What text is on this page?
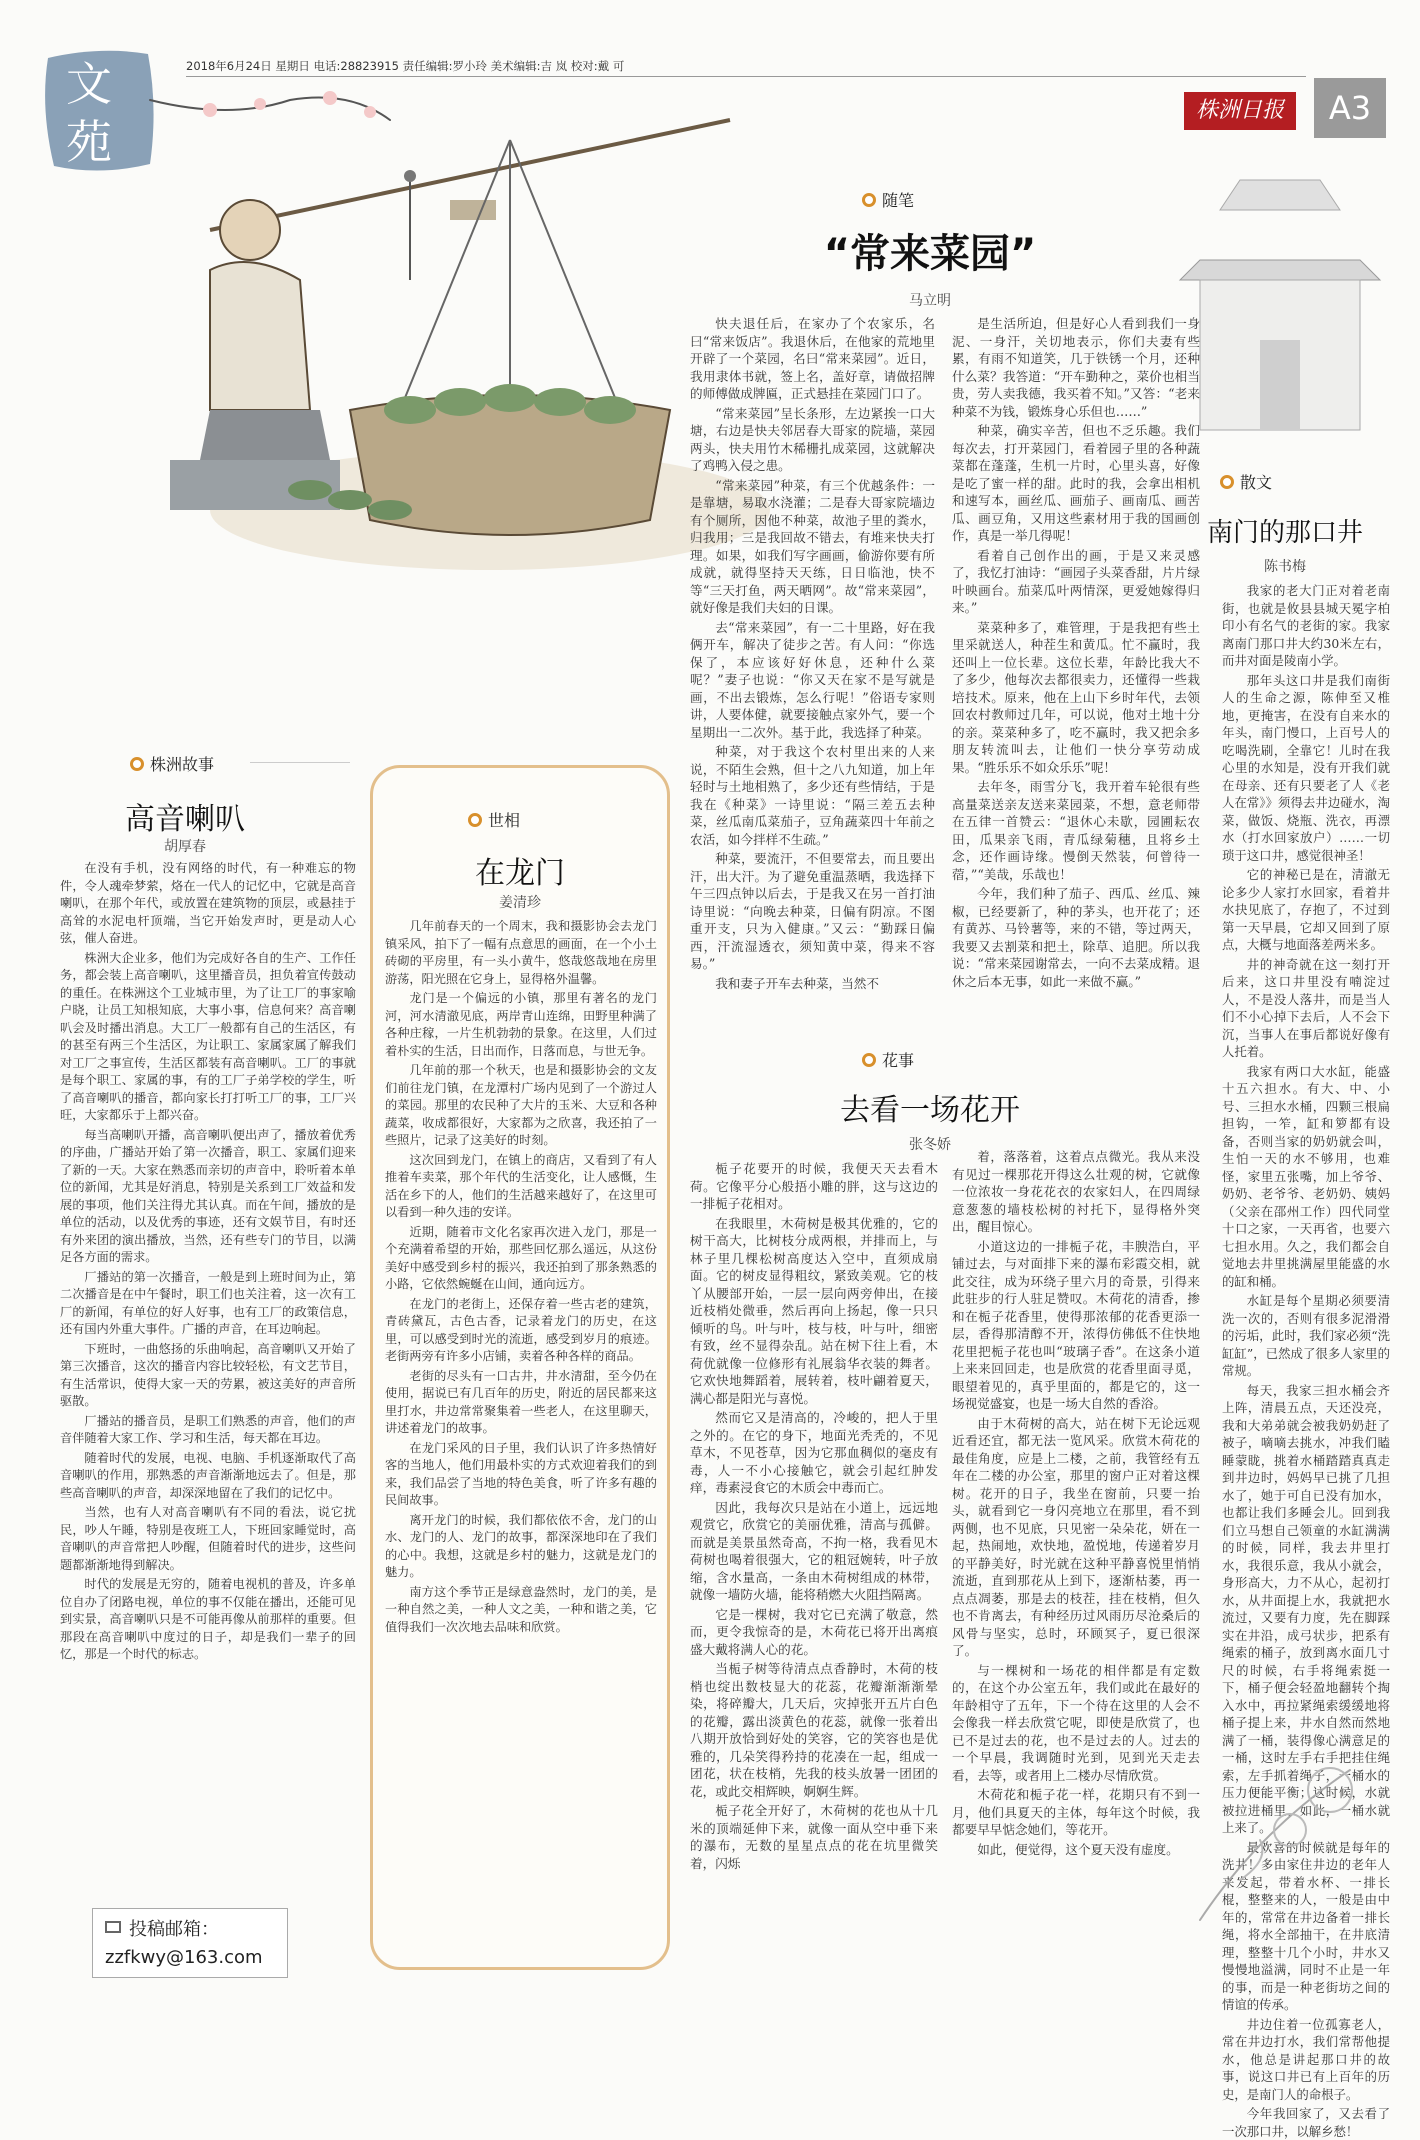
文
苑
2018年6月24日 星期日 电话:28823915 责任编辑:罗小玲 美术编辑:吉 岚 校对:戴 可
株洲日报	A3
随笔
“常来菜园”
马立明

快夫退任后，在家办了个农家乐，名曰“常来饭店”。我退休后，在他家的荒地里开辟了一个菜园，名曰“常来菜园”。近日，我用隶体书就，签上名，盖好章，请做招牌的师傅做成牌匾，正式悬挂在菜园门口了。

“常来菜园”呈长条形，左边紧挨一口大塘，右边是快夫邻居春大哥家的院墙，菜园两头，快夫用竹木稀栅扎成菜园，这就解决了鸡鸭入侵之患。

“常来菜园”种菜，有三个优越条件：一是靠塘，易取水浇灌；二是春大哥家院墙边有个厕所，因他不种菜，故池子里的粪水，归我用；三是我回故不错去，有堆来快夫打理。如果，如我们写字画画，偷游你要有所成就，就得坚持天天练，日日临池，快不等“三天打鱼，两天晒网”。故“常来菜园”，就好像是我们夫妇的日课。

去“常来菜园”，有一二十里路，好在我俩开车，解决了徒步之苦。有人问：“你选保了，本应该好好休息，还种什么菜呢？”妻子也说：“你又天在家不是写就是画，不出去锻炼，怎么行呢！”俗语专家则讲，人要体健，就要接触点家外气，要一个星期出一二次外。基于此，我选择了种菜。

种菜，对于我这个农村里出来的人来说，不陌生会熟，但十之八九知道，加上年轻时与土地相熟了，多少还有些情结，于是我在《种菜》一诗里说：“隔三差五去种菜，丝瓜南瓜菜茄子，豆角蔬菜四十年前之农活，如今拌样不生疏。”

种菜，要流汗，不但要常去，而且要出汗，出大汗。为了避免重温蒸晒，我选择下午三四点钟以后去，于是我又在另一首打油诗里说：“向晚去种菜，日偏有阴凉。不图重开支，只为入健康。”又云：“勤踩日偏西，汗流湿透衣，须知黄中菜，得来不容易。”

我和妻子开车去种菜，当然不

是生活所迫，但是好心人看到我们一身泥、一身汗，关切地表示，你们夫妻有些累，有雨不知道笑，几于铁锈一个月，还种什么菜？我答道：“开车勤种之，菜价也相当贵，劳人卖我德，我买着不知。”又答：“老来种菜不为钱，锻炼身心乐但也……”

种菜，确实辛苦，但也不乏乐趣。我们每次去，打开菜园门，看着园子里的各种蔬菜都在蓬蓬，生机一片时，心里头喜，好像是吃了蜜一样的甜。此时的我，会拿出相机和速写本，画丝瓜、画茄子、画南瓜、画苦瓜、画豆角，又用这些素材用于我的国画创作，真是一举几得呢！

看着自己创作出的画，于是又来灵感了，我忆打油诗：“画园子头菜香甜，片片绿叶映画台。茄菜瓜叶两情深，更爱她嫁得归来。”

菜菜种多了，难管理，于是我把有些土里采就送人，种茬生和黄瓜。忙不赢时，我还叫上一位长辈。这位长辈，年龄比我大不了多少，他每次去都很卖力，还懂得一些栽培技术。原来，他在上山下乡时年代，去领回农村教师过几年，可以说，他对土地十分的亲。菜菜种多了，吃不赢时，我又把余多朋友转流叫去，让他们一快分享劳动成果。“胜乐乐不如众乐乐”呢！

去年冬，雨雪分飞，我开着车轮很有些高量菜送亲友送来菜园菜，不想，意老师带在五律一首赞云：“退休心未歇，园圃耘农田，瓜果亲飞雨，青瓜绿菊穗，且将乡土念，还作画诗缘。慢倒天然装，何曾待一蓿，”“美哉，乐哉也！

今年，我们种了茄子、西瓜、丝瓜、辣椒，已经要新了，种的茅头，也开花了；还有黄苏、马铃薯等，来的不错，等过两天，我要又去割菜和把土，除草、追肥。所以我说：“常来菜园谢常去，一向不去菜成精。退休之后本无事，如此一来做不赢。”

散文
南门的那口井
陈书梅

我家的老大门正对着老南街，也就是攸县县城天冕字柏印小有名气的老街的家。我家离南门那口井大约30米左右，而井对面是陵南小学。

那年头这口井是我们南街人的生命之源，陈伸至又椎地，更掩害，在没有自来水的年头，南门慢口，上百号人的吃喝洗刷，全靠它！儿时在我心里的水知是，没有开我们就在母亲、还有只要老了人《老人在常》》须得去井边碰水，淘菜，做饭、烧瓶、洗衣，再漂水（打水回家放户）……一切琐于这口井，感觉很神圣！

它的神秘已是在，清澈无论多少人家打水回家，看着井水抉见底了，存抱了，不过到第一天早晨，它却又回到了原点，大概与地面落差两米多。

井的神奇就在这一刻打开后来，这口井里没有喃淀过人，不是没人落井，而是当人们不小心掉下去后，人不会下沉，当事人在事后都说好像有人托着。

我家有两口大水缸，能盛十五六担水。有大、中、小号、三担水水桶，四颗三根扁担钩，一笮，缸和箩都有设备，否则当家的奶奶就会叫，生怕一天的水不够用，也难怪，家里五张嘴，加上爷爷、奶奶、老爷爷、老奶奶、姨妈（父亲在邵州工作）四代同堂十口之家，一天再省，也要六七担水用。久之，我们都会自觉地去井里挑满屋里能盛的水的缸和桶。

水缸是每个星期必须要清洗一次的，否则有很多泥滑滑的污垢，此时，我们家必须“洗缸缸”，已然成了很多人家里的常规。

每天，我家三担水桶会齐上阵，清晨五点，天还没亮，我和大弟弟就会被我奶奶赶了被子，嘀嘀去挑水，冲我们瞌睡蒙眬，挑着水桶踏踏真真走到井边时，妈妈早已挑了几担水了，她于可自已没有加水，也都让我们多睡会儿。回到我们立马想自己领童的水缸满满的时候，同样，我去井里打水，我很乐意，我从小就会，身形高大，力不从心，起初打水，从井面提上水，我就把水流过，又要有力度，先在脚踩实在井沿，成弓状步，把系有绳索的桶子，放到离水面几寸尺的时候，右手将绳索挺一下，桶子便会轻盈地翻转个掏入水中，再拉紧绳索缓缓地将桶子提上来，井水自然而然地满了一桶，装得像心满意足的一桶，这时左手右手把挂住绳索，左手抓着绳子，一桶水的压力便能平衡；这时候，水就被拉进桶里，如此，一桶水就上来了。

最欢喜的时候就是每年的洗井！多由家住井边的老年人来发起，带着水杯、一排长棍，整整来的人，一般是由中年的，常常在井边备着一排长绳，将水全部抽干，在井底清理，整整十几个小时，井水又慢慢地溢满，同时不止是一年的事，而是一种老街坊之间的情谊的传承。

井边住着一位孤寡老人，常在井边打水，我们常帮他提水，他总是讲起那口井的故事，说这口井已有上百年的历史，是南门人的命根子。

今年我回家了，又去看了一次那口井，以解乡愁！

花事
去看一场花开
张冬娇

栀子花要开的时候，我便天天去看木荷。它像平分心般捂小雕的胖，这与这边的一排栀子花相对。

在我眼里，木荷树是极其优雅的，它的树干高大，比树枝分成两根，并排而上，与林子里几棵松树高度达入空中，直须成扇面。它的树皮显得粗纹，紧致美观。它的枝丫从腰部开始，一层一层向两旁伸出，在接近枝梢处微垂，然后再向上扬起，像一只只倾听的鸟。叶与叶，枝与枝，叶与叶，细密有致，丝不显得杂乱。站在树下往上看，木荷优就像一位修形有礼展翁华衣装的舞者。它欢快地舞蹈着，展转着，枝叶翩着夏天，满心都是阳光与喜悦。

然而它又是清高的，冷峻的，把人于里之外的。在它的身下，地面光秃秃的，不见草木，不见苍草，因为它那血稠似的毫皮有毒，人一不小心接触它，就会引起红肿发痒，毒素浸食它的木质会中毒而亡。

因此，我每次只是站在小道上，远远地观赏它，欣赏它的美丽优雅，清高与孤僻。而就是美景虽然奇高，不拘一格，我看见木荷树也喝着很强大，它的粗冠婉转，叶子放缩，含水量高，一条由木荷树组成的林带，就像一墙防火墙，能将稍燃大火阻挡隔离。

它是一棵树，我对它已充满了敬意，然而，更令我惊奇的是，木荷花已将开出离痕盛大戴将满人心的花。

当栀子树等待清点点香静时，木荷的枝梢也绽出数枝显大的花蕊，花瓣渐渐渐晕染，将碎瓣大，几天后，灾掉张开五片白色的花瓣，露出淡黄色的花蕊，就像一张着出八期开放恰到好处的笑容，它的笑容也是优雅的，几朵笑得矜持的花凑在一起，组成一团花，状在枝梢，先我的枝头放暑一团团的花，或此交相辉映，婀婀生辉。

栀子花全开好了，木荷树的花也从十几米的顶端延伸下来，就像一面从空中垂下来的瀑布，无数的星星点点的花在坑里微笑着，闪烁

着，落落着，这着点点微光。我从来没有见过一棵那花开得这么壮观的树，它就像一位浓妆一身花花衣的农家妇人，在四周绿意葱葱的墙枝松树的衬托下，显得格外突出，醒目惊心。

小道这边的一排栀子花，丰腴浩白，平铺过去，与对面排下来的瀑布彩霞交相，就此交往，成为环绕子里六月的奇景，引得来此驻步的行人驻足赞叹。木荷花的清香，掺和在栀子花香里，使得那浓郁的花香更添一层，香得那清醇不开，浓得仿佛低不住快地花里把栀子花也叫“玻璃子香”。在这条小道上来来回回走，也是欣赏的花香里面寻觅，眼望着见的，真乎里面的，都是它的，这一场视觉盛宴，也是一场大自然的香浴。

由于木荷树的高大，站在树下无论远观近看还宜，都无法一览风采。欣赏木荷花的最佳角度，应是上二楼，之前，我管经有五年在二楼的办公室，那里的窗户正对着这棵树。花开的日子，我坐在窗前，只要一抬头，就看到它一身闪亮地立在那里，看不到两侧，也不见底，只见密一朵朵花，妍在一起，热闹地，欢快地，盈悦地，传递着岁月的平静美好，时光就在这种平静喜悦里悄悄流逝，直到那花从上到下，逐渐枯萎，再一点点凋萎，那是去的枝茬，挂在枝梢，但久也不肯离去，有种经历过风雨历尽沧桑后的风骨与坚实，总时，环顾冥子，夏已很深了。

与一棵树和一场花的相伴都是有定数的，在这个办公室五年，我们或此在最好的年龄相守了五年，下一个待在这里的人会不会像我一样去欣赏它呢，即使是欣赏了，也已不是过去的花，也不是过去的人。过去的一个早晨，我调随时光到，见到光天走去看，去等，或者用上二楼办尽情欣赏。

木荷花和栀子花一样，花期只有不到一月，他们具夏天的主体，每年这个时候，我都要早早惦念她们，等花开。

如此，便觉得，这个夏天没有虚度。

株洲故事
高音喇叭
胡厚春

在没有手机，没有网络的时代，有一种难忘的物件，令人魂牵梦萦，烙在一代人的记忆中，它就是高音喇叭，在那个年代，或放置在建筑物的顶层，或悬挂于高耸的水泥电杆顶端，当它开始发声时，更是动人心弦，催人奋进。

株洲大企业多，他们为完成好各自的生产、工作任务，都会装上高音喇叭，这里播音员，担负着宣传鼓动的重任。在株洲这个工业城市里，为了让工厂的事家喻户晓，让员工知根知底，大事小事，信息何来？高音喇叭会及时播出消息。大工厂一般都有自己的生活区，有的甚至有两三个生活区，为让职工、家属家属了解我们对工厂之事宣传，生活区都装有高音喇叭。工厂的事就是每个职工、家属的事，有的工厂子弟学校的学生，听了高音喇叭的播音，都向家长打打听工厂的事，工厂兴旺，大家都乐于上都兴奋。

每当高喇叭开播，高音喇叭便出声了，播放着优秀的序曲，广播站开始了第一次播音，职工、家属们迎来了新的一天。大家在熟悉而亲切的声音中，聆听着本单位的新闻，尤其是好消息，特别是关系到工厂效益和发展的事项，他们关注得尤其认真。而在午间，播放的是单位的活动，以及优秀的事迹，还有文娱节目，有时还有外来团的演出播放，当然，还有些专门的节目，以满足各方面的需求。

厂播站的第一次播音，一般是到上班时间为止，第二次播音是在中午餐时，职工们也关注着，这一次有工厂的新闻，有单位的好人好事，也有工厂的政策信息，还有国内外重大事件。广播的声音，在耳边响起。

下班时，一曲悠扬的乐曲响起，高音喇叭又开始了第三次播音，这次的播音内容比较轻松，有文艺节目，有生活常识，使得大家一天的劳累，被这美好的声音所驱散。

厂播站的播音员，是职工们熟悉的声音，他们的声音伴随着大家工作、学习和生活，每天都在耳边。

随着时代的发展，电视、电脑、手机逐渐取代了高音喇叭的作用，那熟悉的声音渐渐地远去了。但是，那些高音喇叭的声音，却深深地留在了我们的记忆中。

当然，也有人对高音喇叭有不同的看法，说它扰民，吵人午睡，特别是夜班工人，下班回家睡觉时，高音喇叭的声音常把人吵醒，但随着时代的进步，这些问题都渐渐地得到解决。

时代的发展是无穷的，随着电视机的普及，许多单位自办了闭路电视，单位的事不仅能在播出，还能可见到实景，高音喇叭只是不可能再像从前那样的重要。但那段在高音喇叭中度过的日子，却是我们一辈子的回忆，那是一个时代的标志。

投稿邮箱：
zzfkwy@163.com
世相
在龙门
姜清珍

几年前春天的一个周末，我和摄影协会去龙门镇采风，拍下了一幅有点意思的画面，在一个小土砖砌的平房里，有一头小黄牛，悠哉悠哉地在房里游荡，阳光照在它身上，显得格外温馨。

龙门是一个偏远的小镇，那里有著名的龙门河，河水清澈见底，两岸青山连绵，田野里种满了各种庄稼，一片生机勃勃的景象。在这里，人们过着朴实的生活，日出而作，日落而息，与世无争。

几年前的那一个秋天，也是和摄影协会的文友们前往龙门镇，在龙潭村广场内见到了一个游过人的菜园。那里的农民种了大片的玉米、大豆和各种蔬菜，收成都很好，大家都为之欣喜，我还拍了一些照片，记录了这美好的时刻。

这次回到龙门，在镇上的商店，又看到了有人推着车卖菜，那个年代的生活变化，让人感慨，生活在乡下的人，他们的生活越来越好了，在这里可以看到一种久违的安详。

近期，随着市文化名家再次进入龙门，那是一个充满着希望的开始，那些回忆那么遥远，从这份美好中感受到乡村的振兴，我还拍到了那条熟悉的小路，它依然蜿蜒在山间，通向远方。

在龙门的老街上，还保存着一些古老的建筑，青砖黛瓦，古色古香，记录着龙门的历史，在这里，可以感受到时光的流逝，感受到岁月的痕迹。老街两旁有许多小店铺，卖着各种各样的商品。

老街的尽头有一口古井，井水清甜，至今仍在使用，据说已有几百年的历史，附近的居民都来这里打水，井边常常聚集着一些老人，在这里聊天，讲述着龙门的故事。

在龙门采风的日子里，我们认识了许多热情好客的当地人，他们用最朴实的方式欢迎着我们的到来，我们品尝了当地的特色美食，听了许多有趣的民间故事。

离开龙门的时候，我们都依依不舍，龙门的山水、龙门的人、龙门的故事，都深深地印在了我们的心中。我想，这就是乡村的魅力，这就是龙门的魅力。

南方这个季节正是绿意盎然时，龙门的美，是一种自然之美，一种人文之美，一种和谐之美，它值得我们一次次地去品味和欣赏。
